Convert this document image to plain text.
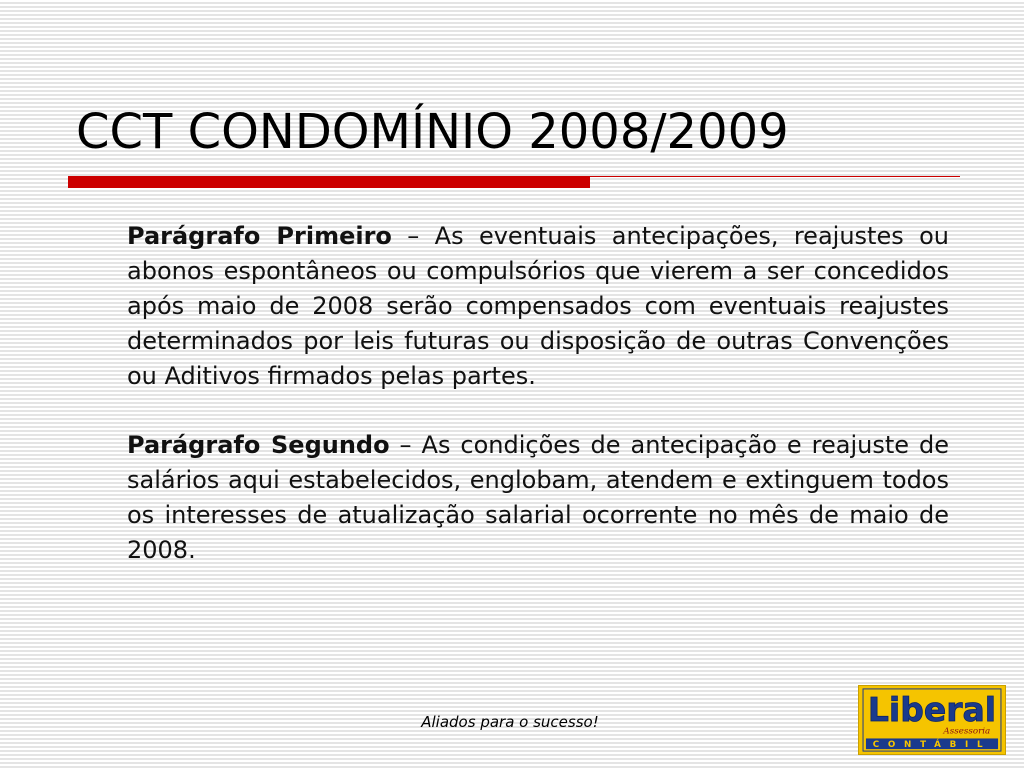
CCT CONDOMÍNIO 2008/2009

Parágrafo Primeiro – As eventuais antecipações, reajustes ou abonos espontâneos ou compulsórios que vierem a ser concedidos após maio de 2008 serão compensados com eventuais reajustes determinados por leis futuras ou disposição de outras Convenções ou Aditivos firmados pelas partes.

Parágrafo Segundo – As condições de antecipação e reajuste de salários aqui estabelecidos, englobam, atendem e extinguem todos os interesses de atualização salarial ocorrente no mês de maio de 2008.

Aliados para o sucesso!	Liberal
Assessoria
CONTÁBIL
